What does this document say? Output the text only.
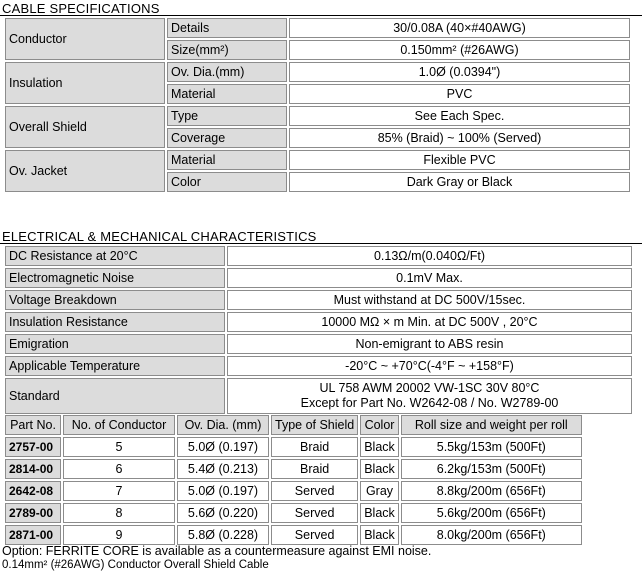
CABLE SPECIFICATIONS
Conductor	Details	30/0.08A (40×#40AWG)
	Size(mm²)	0.150mm² (#26AWG)
Insulation	Ov. Dia.(mm)	1.0Ø (0.0394")
	Material	PVC
Overall Shield	Type	See Each Spec.
	Coverage	85% (Braid) ~ 100% (Served)
Ov. Jacket	Material	Flexible PVC
	Color	Dark Gray or Black
ELECTRICAL & MECHANICAL CHARACTERISTICS
DC Resistance at 20°C	0.13Ω/m(0.040Ω/Ft)
Electromagnetic Noise	0.1mV Max.
Voltage Breakdown	Must withstand at DC 500V/15sec.
Insulation Resistance	10000 MΩ × m Min. at DC 500V , 20°C
Emigration	Non-emigrant to ABS resin
Applicable Temperature	-20°C ~ +70°C(-4°F ~ +158°F)
Standard	UL 758 AWM 20002 VW-1SC 30V 80°C
Except for Part No. W2642-08 / No. W2789-00
Part No.	No. of Conductor	Ov. Dia. (mm)	Type of Shield	Color	Roll size and weight per roll
2757-00	5	5.0Ø (0.197)	Braid	Black	5.5kg/153m (500Ft)
2814-00	6	5.4Ø (0.213)	Braid	Black	6.2kg/153m (500Ft)
2642-08	7	5.0Ø (0.197)	Served	Gray	8.8kg/200m (656Ft)
2789-00	8	5.6Ø (0.220)	Served	Black	5.6kg/200m (656Ft)
2871-00	9	5.8Ø (0.228)	Served	Black	8.0kg/200m (656Ft)
Option: FERRITE CORE is available as a countermeasure against EMI noise.
0.14mm² (#26AWG) Conductor Overall Shield Cable
